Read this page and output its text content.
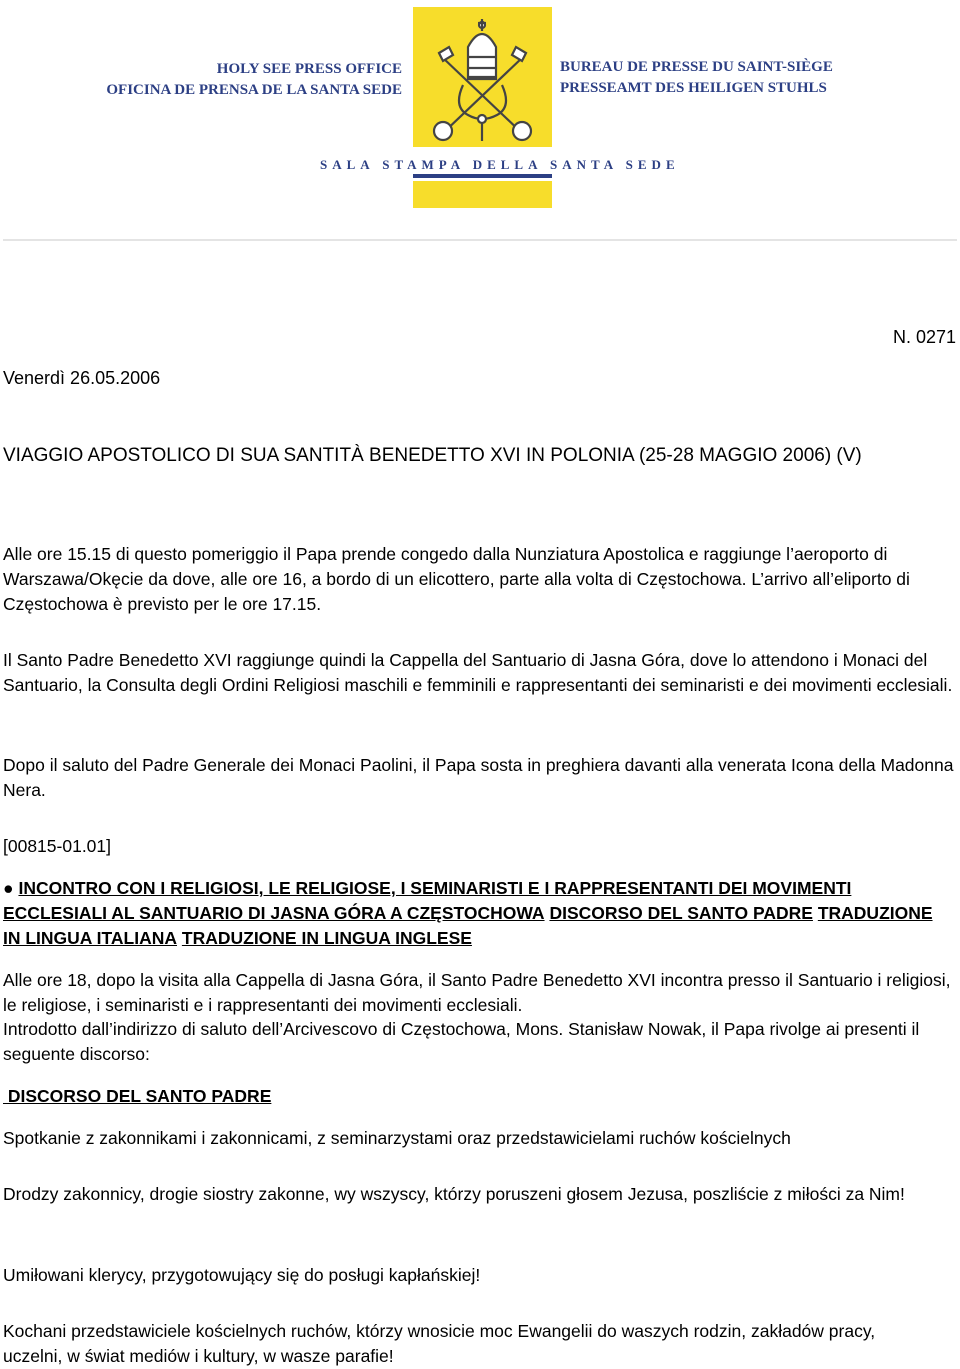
HOLY SEE PRESS OFFICE
OFICINA DE PRENSA DE LA SANTA SEDE
BUREAU DE PRESSE DU SAINT-SIÈGE
PRESSEAMT DES HEILIGEN STUHLS
SALA STAMPA DELLA SANTA SEDE
Venerdì 26.05.2006
N. 0271
VIAGGIO APOSTOLICO DI SUA SANTITÀ BENEDETTO XVI IN POLONIA (25-28 MAGGIO 2006) (V)

Alle ore 15.15 di questo pomeriggio il Papa prende congedo dalla Nunziatura Apostolica e raggiunge l’aeroporto di Warszawa/Okęcie da dove, alle ore 16, a bordo di un elicottero, parte alla volta di Częstochowa. L’arrivo all’eliporto di Częstochowa è previsto per le ore 17.15.

Il Santo Padre Benedetto XVI raggiunge quindi la Cappella del Santuario di Jasna Góra, dove lo attendono i Monaci del Santuario, la Consulta degli Ordini Religiosi maschili e femminili e rappresentanti dei seminaristi e dei movimenti ecclesiali.

Dopo il saluto del Padre Generale dei Monaci Paolini, il Papa sosta in preghiera davanti alla venerata Icona della Madonna Nera.

[00815-01.01]

● INCONTRO CON I RELIGIOSI, LE RELIGIOSE, I SEMINARISTI E I RAPPRESENTANTI DEI MOVIMENTI ECCLESIALI AL SANTUARIO DI JASNA GÓRA A CZĘSTOCHOWA DISCORSO DEL SANTO PADRE TRADUZIONE IN LINGUA ITALIANA TRADUZIONE IN LINGUA INGLESE

Alle ore 18, dopo la visita alla Cappella di Jasna Góra, il Santo Padre Benedetto XVI incontra presso il Santuario i religiosi, le religiose, i seminaristi e i rappresentanti dei movimenti ecclesiali.

Introdotto dall’indirizzo di saluto dell’Arcivescovo di Częstochowa, Mons. Stanisław Nowak, il Papa rivolge ai presenti il seguente discorso:

DISCORSO DEL SANTO PADRE

Spotkanie z zakonnikami i zakonnicami, z seminarzystami oraz przedstawicielami ruchów kościelnych

Drodzy zakonnicy, drogie siostry zakonne, wy wszyscy, którzy poruszeni głosem Jezusa, poszliście z miłości za Nim!

Umiłowani klerycy, przygotowujący się do posługi kapłańskiej!

Kochani przedstawiciele kościelnych ruchów, którzy wnosicie moc Ewangelii do waszych rodzin, zakładów pracy, uczelni, w świat mediów i kultury, w wasze parafie!
